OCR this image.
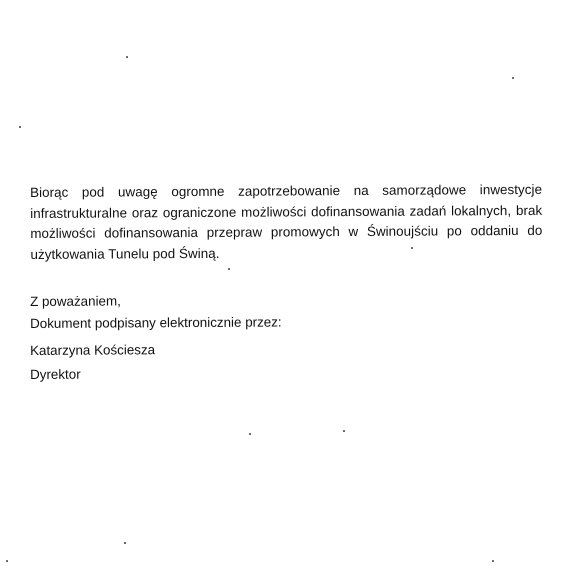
Biorąc pod uwagę ogromne zapotrzebowanie na samorządowe inwestycje infrastrukturalne oraz ograniczone możliwości dofinansowania zadań lokalnych, brak możliwości dofinansowania przepraw promowych w Świnoujściu po oddaniu do użytkowania Tunelu pod Świną.

Z poważaniem,
Dokument podpisany elektronicznie przez:
Katarzyna Kościesza
Dyrektor
